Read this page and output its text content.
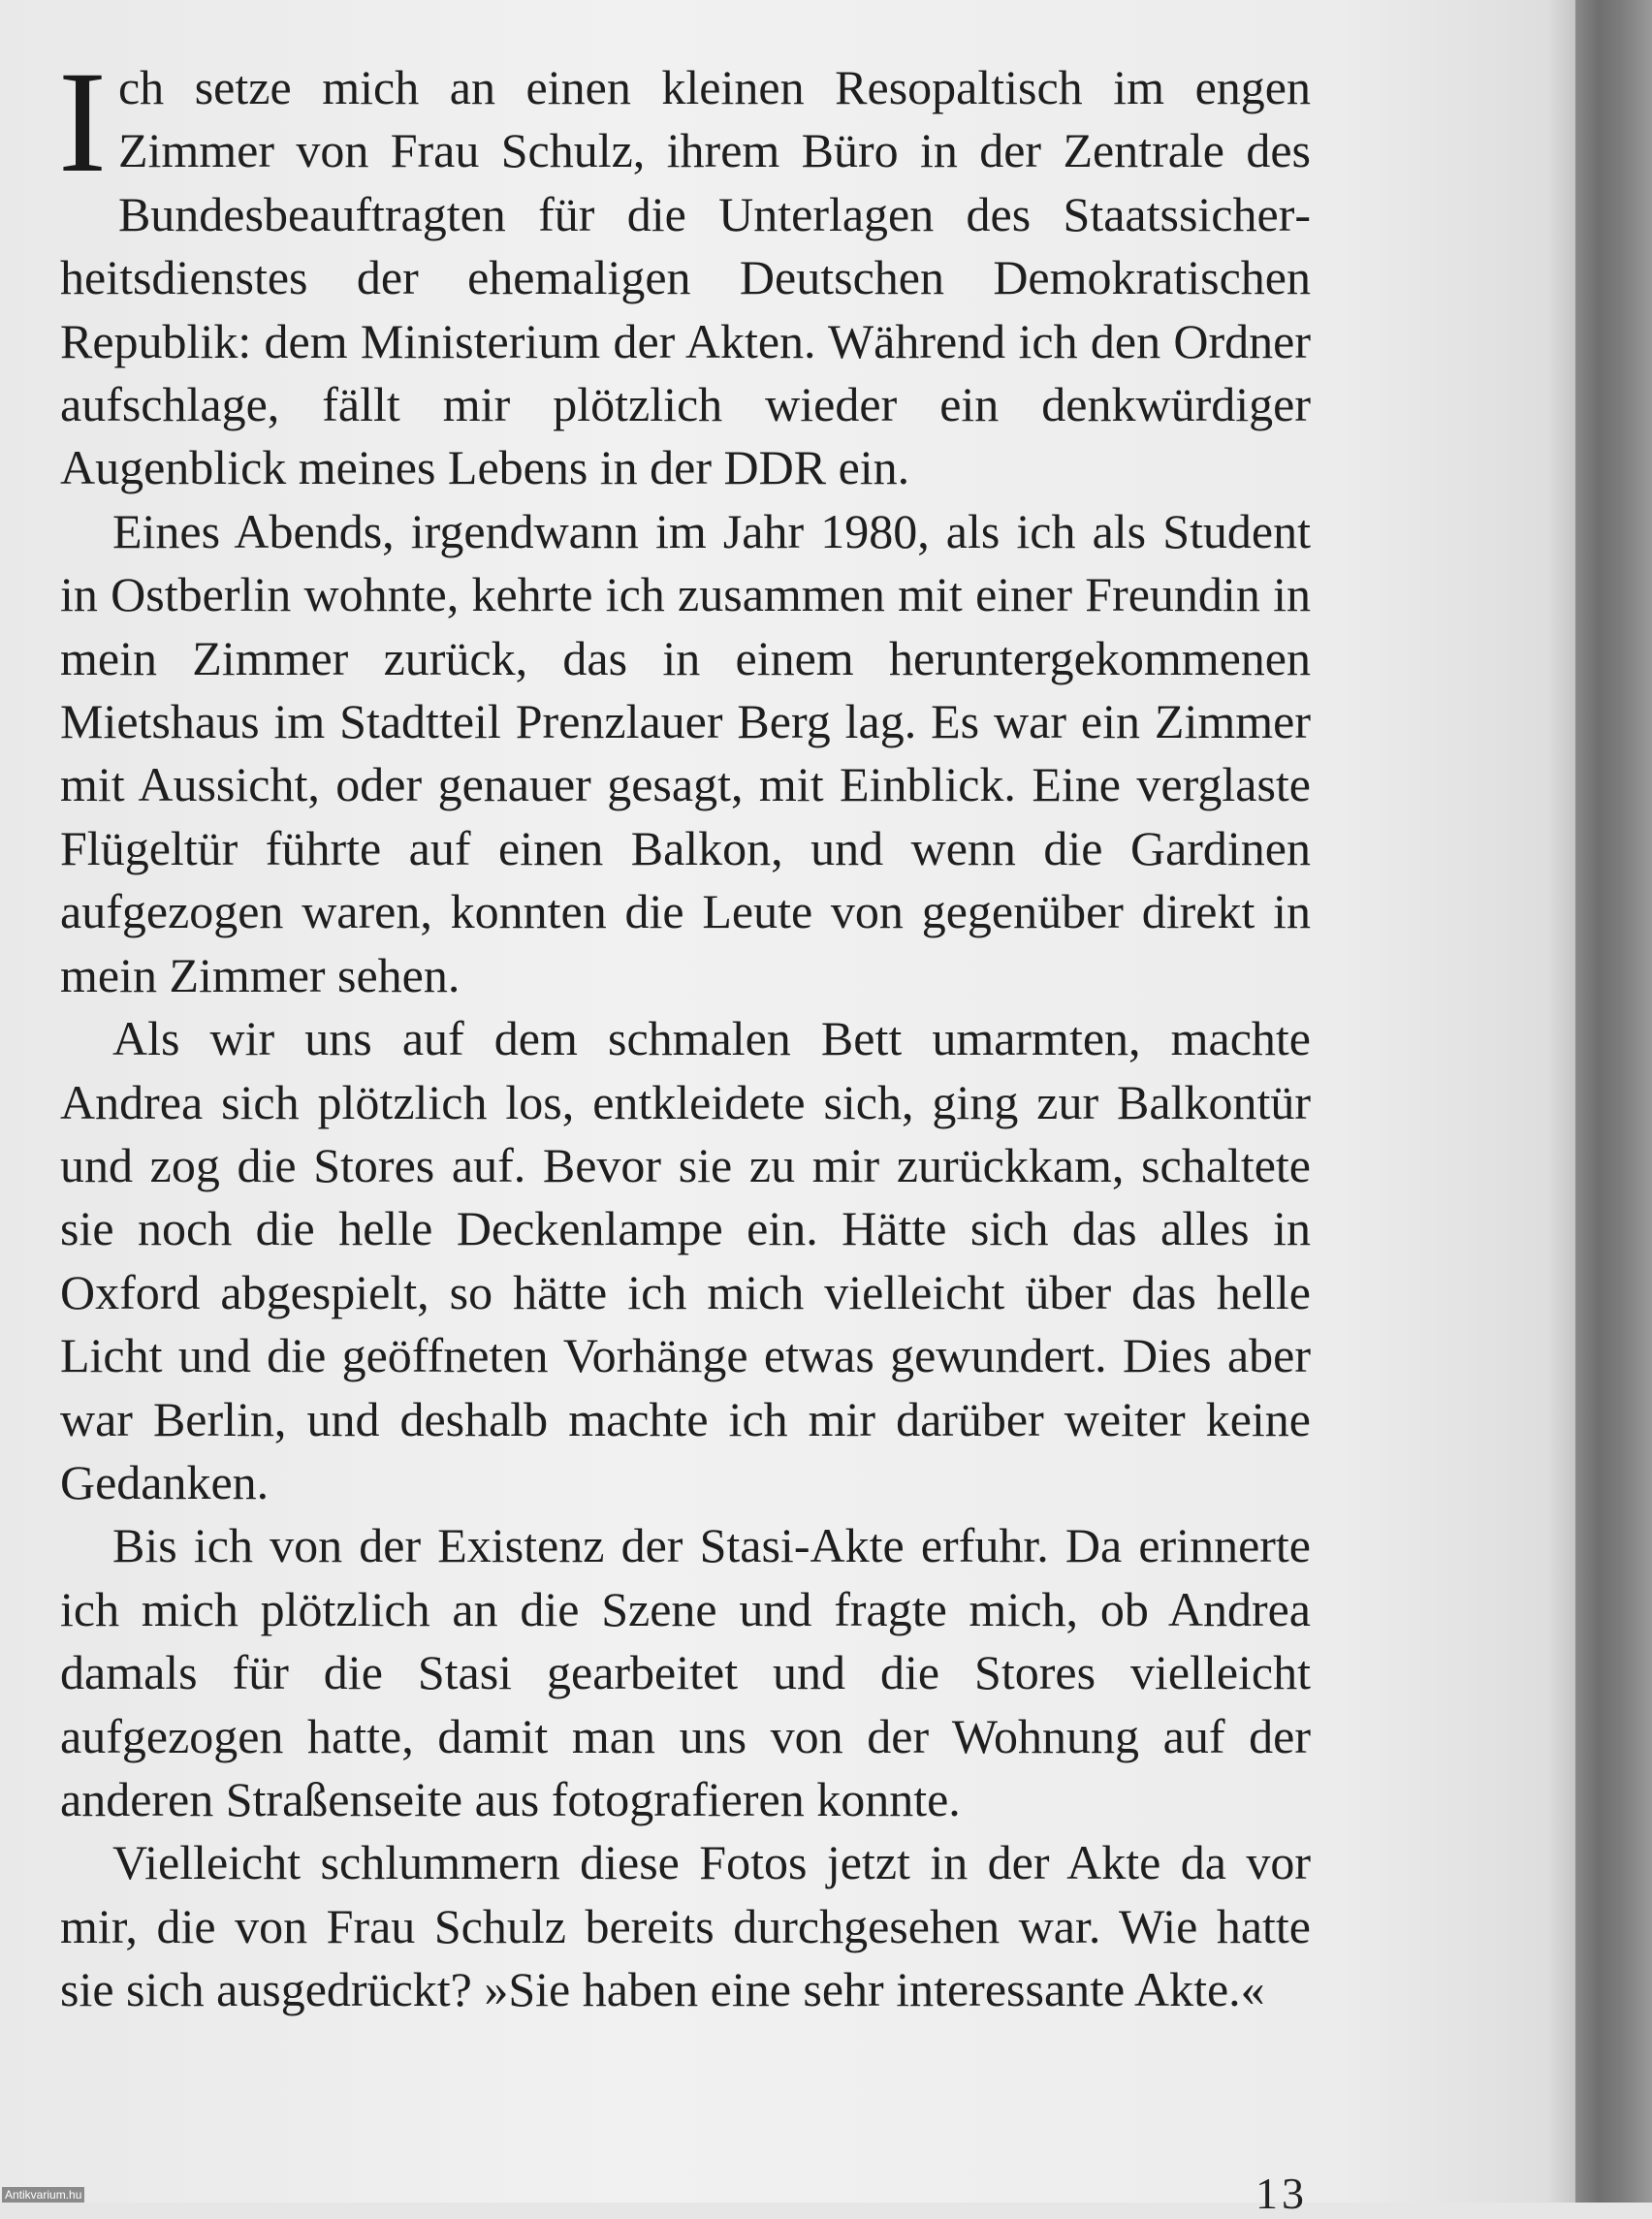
Ich setze mich an einen kleinen Resopaltisch im engen Zimmer von Frau Schulz, ihrem Büro in der Zentrale des Bundesbeauftragten für die Unterlagen des Staatssicherheitsdienstes der ehemaligen Deutschen Demokratischen Republik: dem Ministerium der Akten. Während ich den Ordner aufschlage, fällt mir plötzlich wieder ein denkwürdiger Augenblick meines Lebens in der DDR ein.

Eines Abends, irgendwann im Jahr 1980, als ich als Student in Ostberlin wohnte, kehrte ich zusammen mit einer Freundin in mein Zimmer zurück, das in einem heruntergekommenen Mietshaus im Stadtteil Prenzlauer Berg lag. Es war ein Zimmer mit Aussicht, oder genauer gesagt, mit Einblick. Eine verglaste Flügeltür führte auf einen Balkon, und wenn die Gardinen aufgezogen waren, konnten die Leute von gegenüber direkt in mein Zimmer sehen.

Als wir uns auf dem schmalen Bett umarmten, machte Andrea sich plötzlich los, entkleidete sich, ging zur Balkontür und zog die Stores auf. Bevor sie zu mir zurückkam, schaltete sie noch die helle Deckenlampe ein. Hätte sich das alles in Oxford abgespielt, so hätte ich mich vielleicht über das helle Licht und die geöffneten Vorhänge etwas gewundert. Dies aber war Berlin, und deshalb machte ich mir darüber weiter keine Gedanken.

Bis ich von der Existenz der Stasi-Akte erfuhr. Da erinnerte ich mich plötzlich an die Szene und fragte mich, ob Andrea damals für die Stasi gearbeitet und die Stores vielleicht aufgezogen hatte, damit man uns von der Wohnung auf der anderen Straßenseite aus fotografieren konnte.

Vielleicht schlummern diese Fotos jetzt in der Akte da vor mir, die von Frau Schulz bereits durchgesehen war. Wie hatte sie sich ausgedrückt? »Sie haben eine sehr interessante Akte.«

13
Antikvarium.hu
